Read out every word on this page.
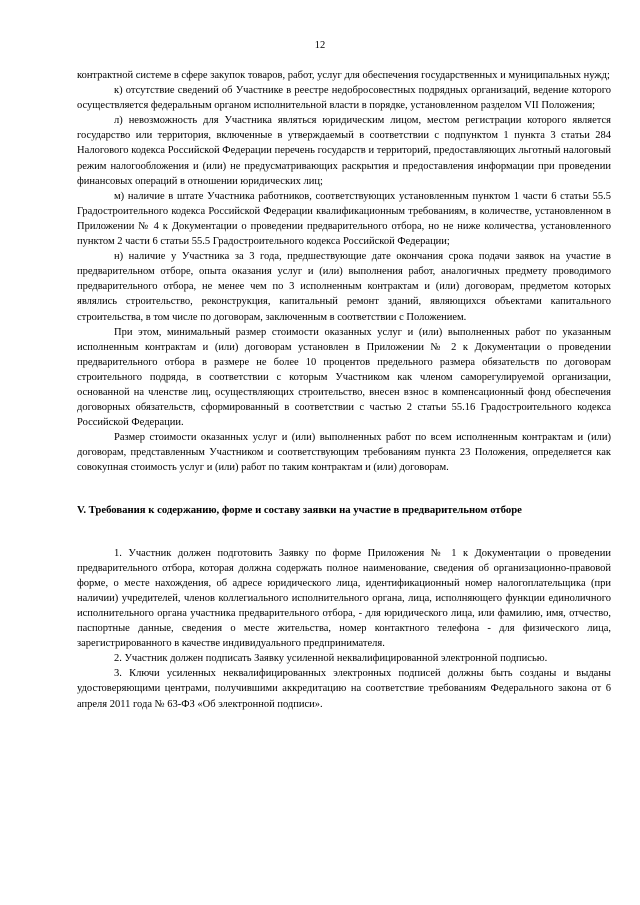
12

контрактной системе в сфере закупок товаров, работ, услуг для обеспечения государственных и муниципальных нужд;

к) отсутствие сведений об Участнике в реестре недобросовестных подрядных организаций, ведение которого осуществляется федеральным органом исполнительной власти в порядке, установленном разделом VII Положения;

л) невозможность для Участника являться юридическим лицом, местом регистрации которого является государство или территория, включенные в утверждаемый в соответствии с подпунктом 1 пункта 3 статьи 284 Налогового кодекса Российской Федерации перечень государств и территорий, предоставляющих льготный налоговый режим налогообложения и (или) не предусматривающих раскрытия и предоставления информации при проведении финансовых операций в отношении юридических лиц;

м) наличие в штате Участника работников, соответствующих установленным пунктом 1 части 6 статьи 55.5 Градостроительного кодекса Российской Федерации квалификационным требованиям, в количестве, установленном в Приложении № 4 к Документации о проведении предварительного отбора, но не ниже количества, установленного пунктом 2 части 6 статьи 55.5 Градостроительного кодекса Российской Федерации;

н) наличие у Участника за 3 года, предшествующие дате окончания срока подачи заявок на участие в предварительном отборе, опыта оказания услуг и (или) выполнения работ, аналогичных предмету проводимого предварительного отбора, не менее чем по 3 исполненным контрактам и (или) договорам, предметом которых являлись строительство, реконструкция, капитальный ремонт зданий, являющихся объектами капитального строительства, в том числе по договорам, заключенным в соответствии с Положением.

При этом, минимальный размер стоимости оказанных услуг и (или) выполненных работ по указанным исполненным контрактам и (или) договорам установлен в Приложении № 2 к Документации о проведении предварительного отбора в размере не более 10 процентов предельного размера обязательств по договорам строительного подряда, в соответствии с которым Участником как членом саморегулируемой организации, основанной на членстве лиц, осуществляющих строительство, внесен взнос в компенсационный фонд обеспечения договорных обязательств, сформированный в соответствии с частью 2 статьи 55.16 Градостроительного кодекса Российской Федерации.

Размер стоимости оказанных услуг и (или) выполненных работ по всем исполненным контрактам и (или) договорам, представленным Участником и соответствующим требованиям пункта 23 Положения, определяется как совокупная стоимость услуг и (или) работ по таким контрактам и (или) договорам.

V. Требования к содержанию, форме и составу заявки на участие в предварительном отборе

1. Участник должен подготовить Заявку по форме Приложения № 1 к Документации о проведении предварительного отбора, которая должна содержать полное наименование, сведения об организационно-правовой форме, о месте нахождения, об адресе юридического лица, идентификационный номер налогоплательщика (при наличии) учредителей, членов коллегиального исполнительного органа, лица, исполняющего функции единоличного исполнительного органа участника предварительного отбора, - для юридического лица, или фамилию, имя, отчество, паспортные данные, сведения о месте жительства, номер контактного телефона - для физического лица, зарегистрированного в качестве индивидуального предпринимателя.

2. Участник должен подписать Заявку усиленной неквалифицированной электронной подписью.

3. Ключи усиленных неквалифицированных электронных подписей должны быть созданы и выданы удостоверяющими центрами, получившими аккредитацию на соответствие требованиям Федерального закона от 6 апреля 2011 года № 63-ФЗ «Об электронной подписи».
